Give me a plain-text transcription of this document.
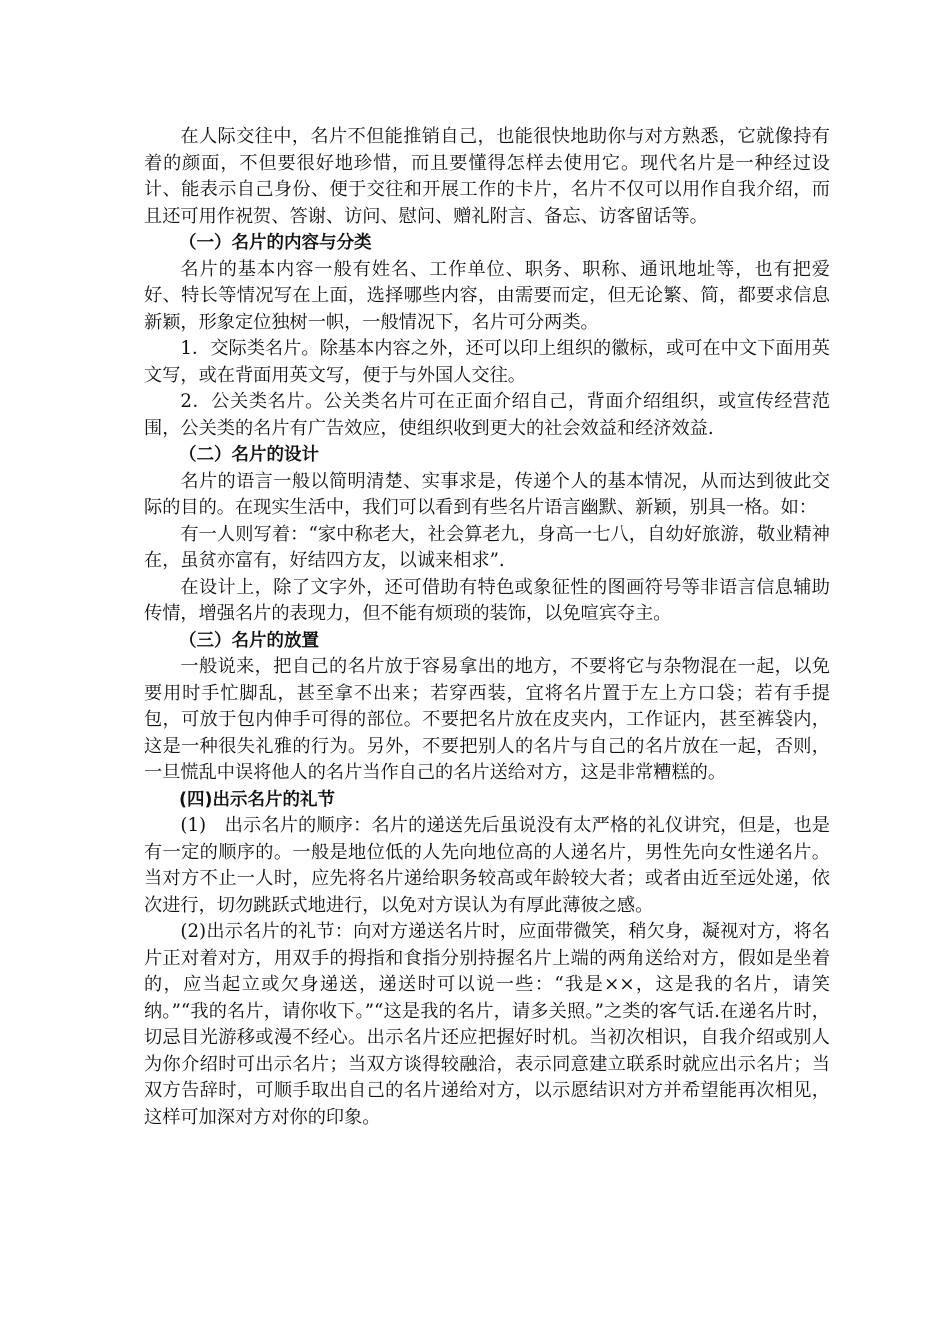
在人际交往中，名片不但能推销自己，也能很快地助你与对方熟悉，它就像持有着的颜面，不但要很好地珍惜，而且要懂得怎样去使用它。现代名片是一种经过设计、能表示自己身份、便于交往和开展工作的卡片，名片不仅可以用作自我介绍，而且还可用作祝贺、答谢、访问、慰问、赠礼附言、备忘、访客留话等。

（一）名片的内容与分类

名片的基本内容一般有姓名、工作单位、职务、职称、通讯地址等，也有把爱好、特长等情况写在上面，选择哪些内容，由需要而定，但无论繁、简，都要求信息新颖，形象定位独树一帜，一般情况下，名片可分两类。

1．交际类名片。除基本内容之外，还可以印上组织的徽标，或可在中文下面用英文写，或在背面用英文写，便于与外国人交往。

2．公关类名片。公关类名片可在正面介绍自己，背面介绍组织，或宣传经营范围，公关类的名片有广告效应，使组织收到更大的社会效益和经济效益.

（二）名片的设计

名片的语言一般以简明清楚、实事求是，传递个人的基本情况，从而达到彼此交际的目的。在现实生活中，我们可以看到有些名片语言幽默、新颖，别具一格。如：

有一人则写着：“家中称老大，社会算老九，身高一七八，自幼好旅游，敬业精神在，虽贫亦富有，好结四方友，以诚来相求”.

在设计上，除了文字外，还可借助有特色或象征性的图画符号等非语言信息辅助传情，增强名片的表现力，但不能有烦琐的装饰，以免喧宾夺主。

（三）名片的放置

一般说来，把自己的名片放于容易拿出的地方，不要将它与杂物混在一起，以免要用时手忙脚乱，甚至拿不出来；若穿西装，宜将名片置于左上方口袋；若有手提包，可放于包内伸手可得的部位。不要把名片放在皮夹内，工作证内，甚至裤袋内，这是一种很失礼雅的行为。另外，不要把别人的名片与自己的名片放在一起，否则，一旦慌乱中误将他人的名片当作自己的名片送给对方，这是非常糟糕的。

(四)出示名片的礼节

(1)　出示名片的顺序：名片的递送先后虽说没有太严格的礼仪讲究，但是，也是有一定的顺序的。一般是地位低的人先向地位高的人递名片，男性先向女性递名片。当对方不止一人时，应先将名片递给职务较高或年龄较大者；或者由近至远处递，依次进行，切勿跳跃式地进行，以免对方误认为有厚此薄彼之感。

(2)出示名片的礼节：向对方递送名片时，应面带微笑，稍欠身，凝视对方，将名片正对着对方，用双手的拇指和食指分别持握名片上端的两角送给对方，假如是坐着的，应当起立或欠身递送，递送时可以说一些：“我是××，这是我的名片，请笑纳。”“我的名片，请你收下。”“这是我的名片，请多关照。”之类的客气话.在递名片时，切忌目光游移或漫不经心。出示名片还应把握好时机。当初次相识，自我介绍或别人为你介绍时可出示名片；当双方谈得较融洽，表示同意建立联系时就应出示名片；当双方告辞时，可顺手取出自己的名片递给对方，以示愿结识对方并希望能再次相见，这样可加深对方对你的印象。
